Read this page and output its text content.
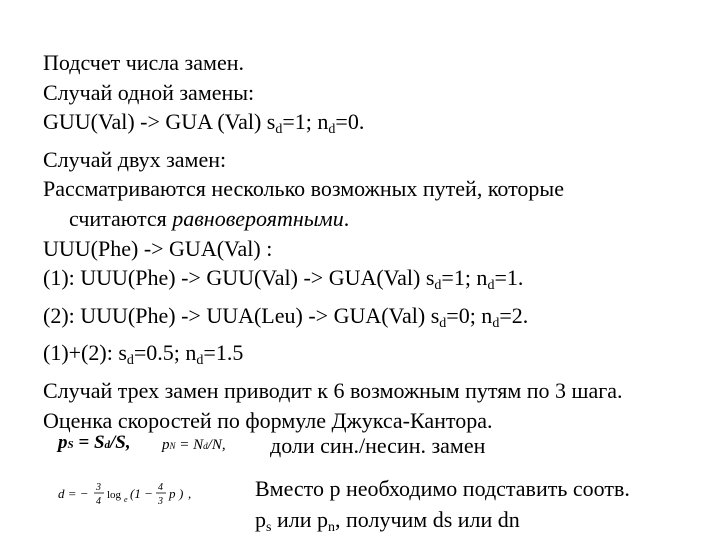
Подсчет числа замен.
Случай одной замены:
GUU(Val) -> GUA (Val) $s_d=1$; $n_d=0$.
Случай двух замен:
Рассматриваются несколько возможных путей, которые
считаются равновероятными.
UUU(Phe) -> GUA(Val) :
(1): UUU(Phe) -> GUU(Val) -> GUA(Val) $s_d=1$; $n_d=1$.
(2): UUU(Phe) -> UUA(Leu) -> GUA(Val) $s_d=0$; $n_d=2$.
(1)+(2): $s_d=0.5$; $n_d=1.5$
Случай трех замен приводит к 6 возможным путям по 3 шага.
Оценка скоростей по формуле Джукса-Кантора.
pS = Sd/S, pN = Nd/N,
d = − 3
4
log e (1 − 4
3
p ) ,
доли син./несин. замен
Вместо p необходимо подставить соотв.
$p_s$ или $p_n$, получим ds или dn
